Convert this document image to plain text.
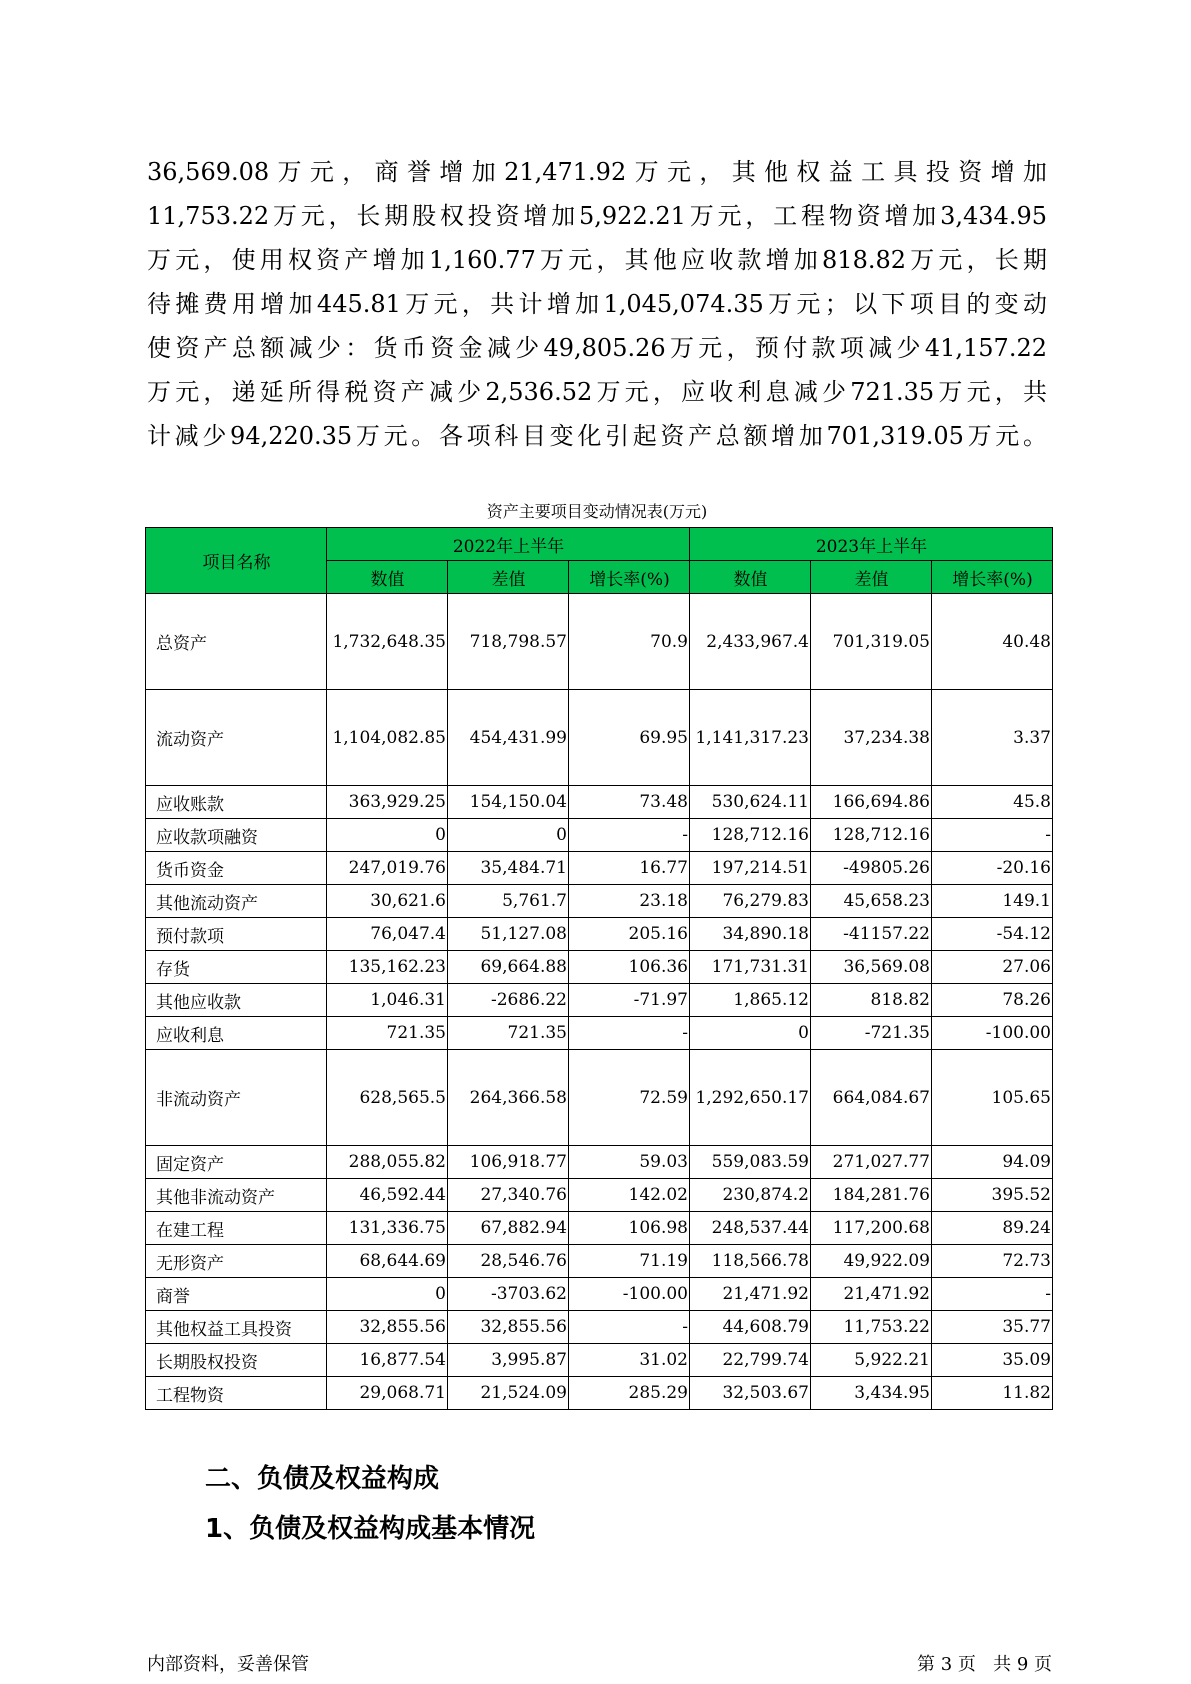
36,569.08万元，商誉增加21,471.92万元，其他权益工具投资增加
11,753.22万元，长期股权投资增加5,922.21万元，工程物资增加3,434.95
万元，使用权资产增加1,160.77万元，其他应收款增加818.82万元，长期
待摊费用增加445.81万元，共计增加1,045,074.35万元；以下项目的变动
使资产总额减少：货币资金减少49,805.26万元，预付款项减少41,157.22
万元，递延所得税资产减少2,536.52万元，应收利息减少721.35万元，共
计减少94,220.35万元。各项科目变化引起资产总额增加701,319.05万元。
资产主要项目变动情况表(万元)
项目名称	2022年上半年			2023年上半年		
	数值	差值	增长率(%)	数值	差值	增长率(%)
总资产	1,732,648.35	718,798.57	70.9	2,433,967.4	701,319.05	40.48
流动资产	1,104,082.85	454,431.99	69.95	1,141,317.23	37,234.38	3.37
应收账款	363,929.25	154,150.04	73.48	530,624.11	166,694.86	45.8
应收款项融资	0	0	-	128,712.16	128,712.16	-
货币资金	247,019.76	35,484.71	16.77	197,214.51	-49805.26	-20.16
其他流动资产	30,621.6	5,761.7	23.18	76,279.83	45,658.23	149.1
预付款项	76,047.4	51,127.08	205.16	34,890.18	-41157.22	-54.12
存货	135,162.23	69,664.88	106.36	171,731.31	36,569.08	27.06
其他应收款	1,046.31	-2686.22	-71.97	1,865.12	818.82	78.26
应收利息	721.35	721.35	-	0	-721.35	-100.00
非流动资产	628,565.5	264,366.58	72.59	1,292,650.17	664,084.67	105.65
固定资产	288,055.82	106,918.77	59.03	559,083.59	271,027.77	94.09
其他非流动资产	46,592.44	27,340.76	142.02	230,874.2	184,281.76	395.52
在建工程	131,336.75	67,882.94	106.98	248,537.44	117,200.68	89.24
无形资产	68,644.69	28,546.76	71.19	118,566.78	49,922.09	72.73
商誉	0	-3703.62	-100.00	21,471.92	21,471.92	-
其他权益工具投资	32,855.56	32,855.56	-	44,608.79	11,753.22	35.77
长期股权投资	16,877.54	3,995.87	31.02	22,799.74	5,922.21	35.09
工程物资	29,068.71	21,524.09	285.29	32,503.67	3,434.95	11.82
二、负债及权益构成
1、负债及权益构成基本情况
内部资料，妥善保管	第 3 页   共 9 页
